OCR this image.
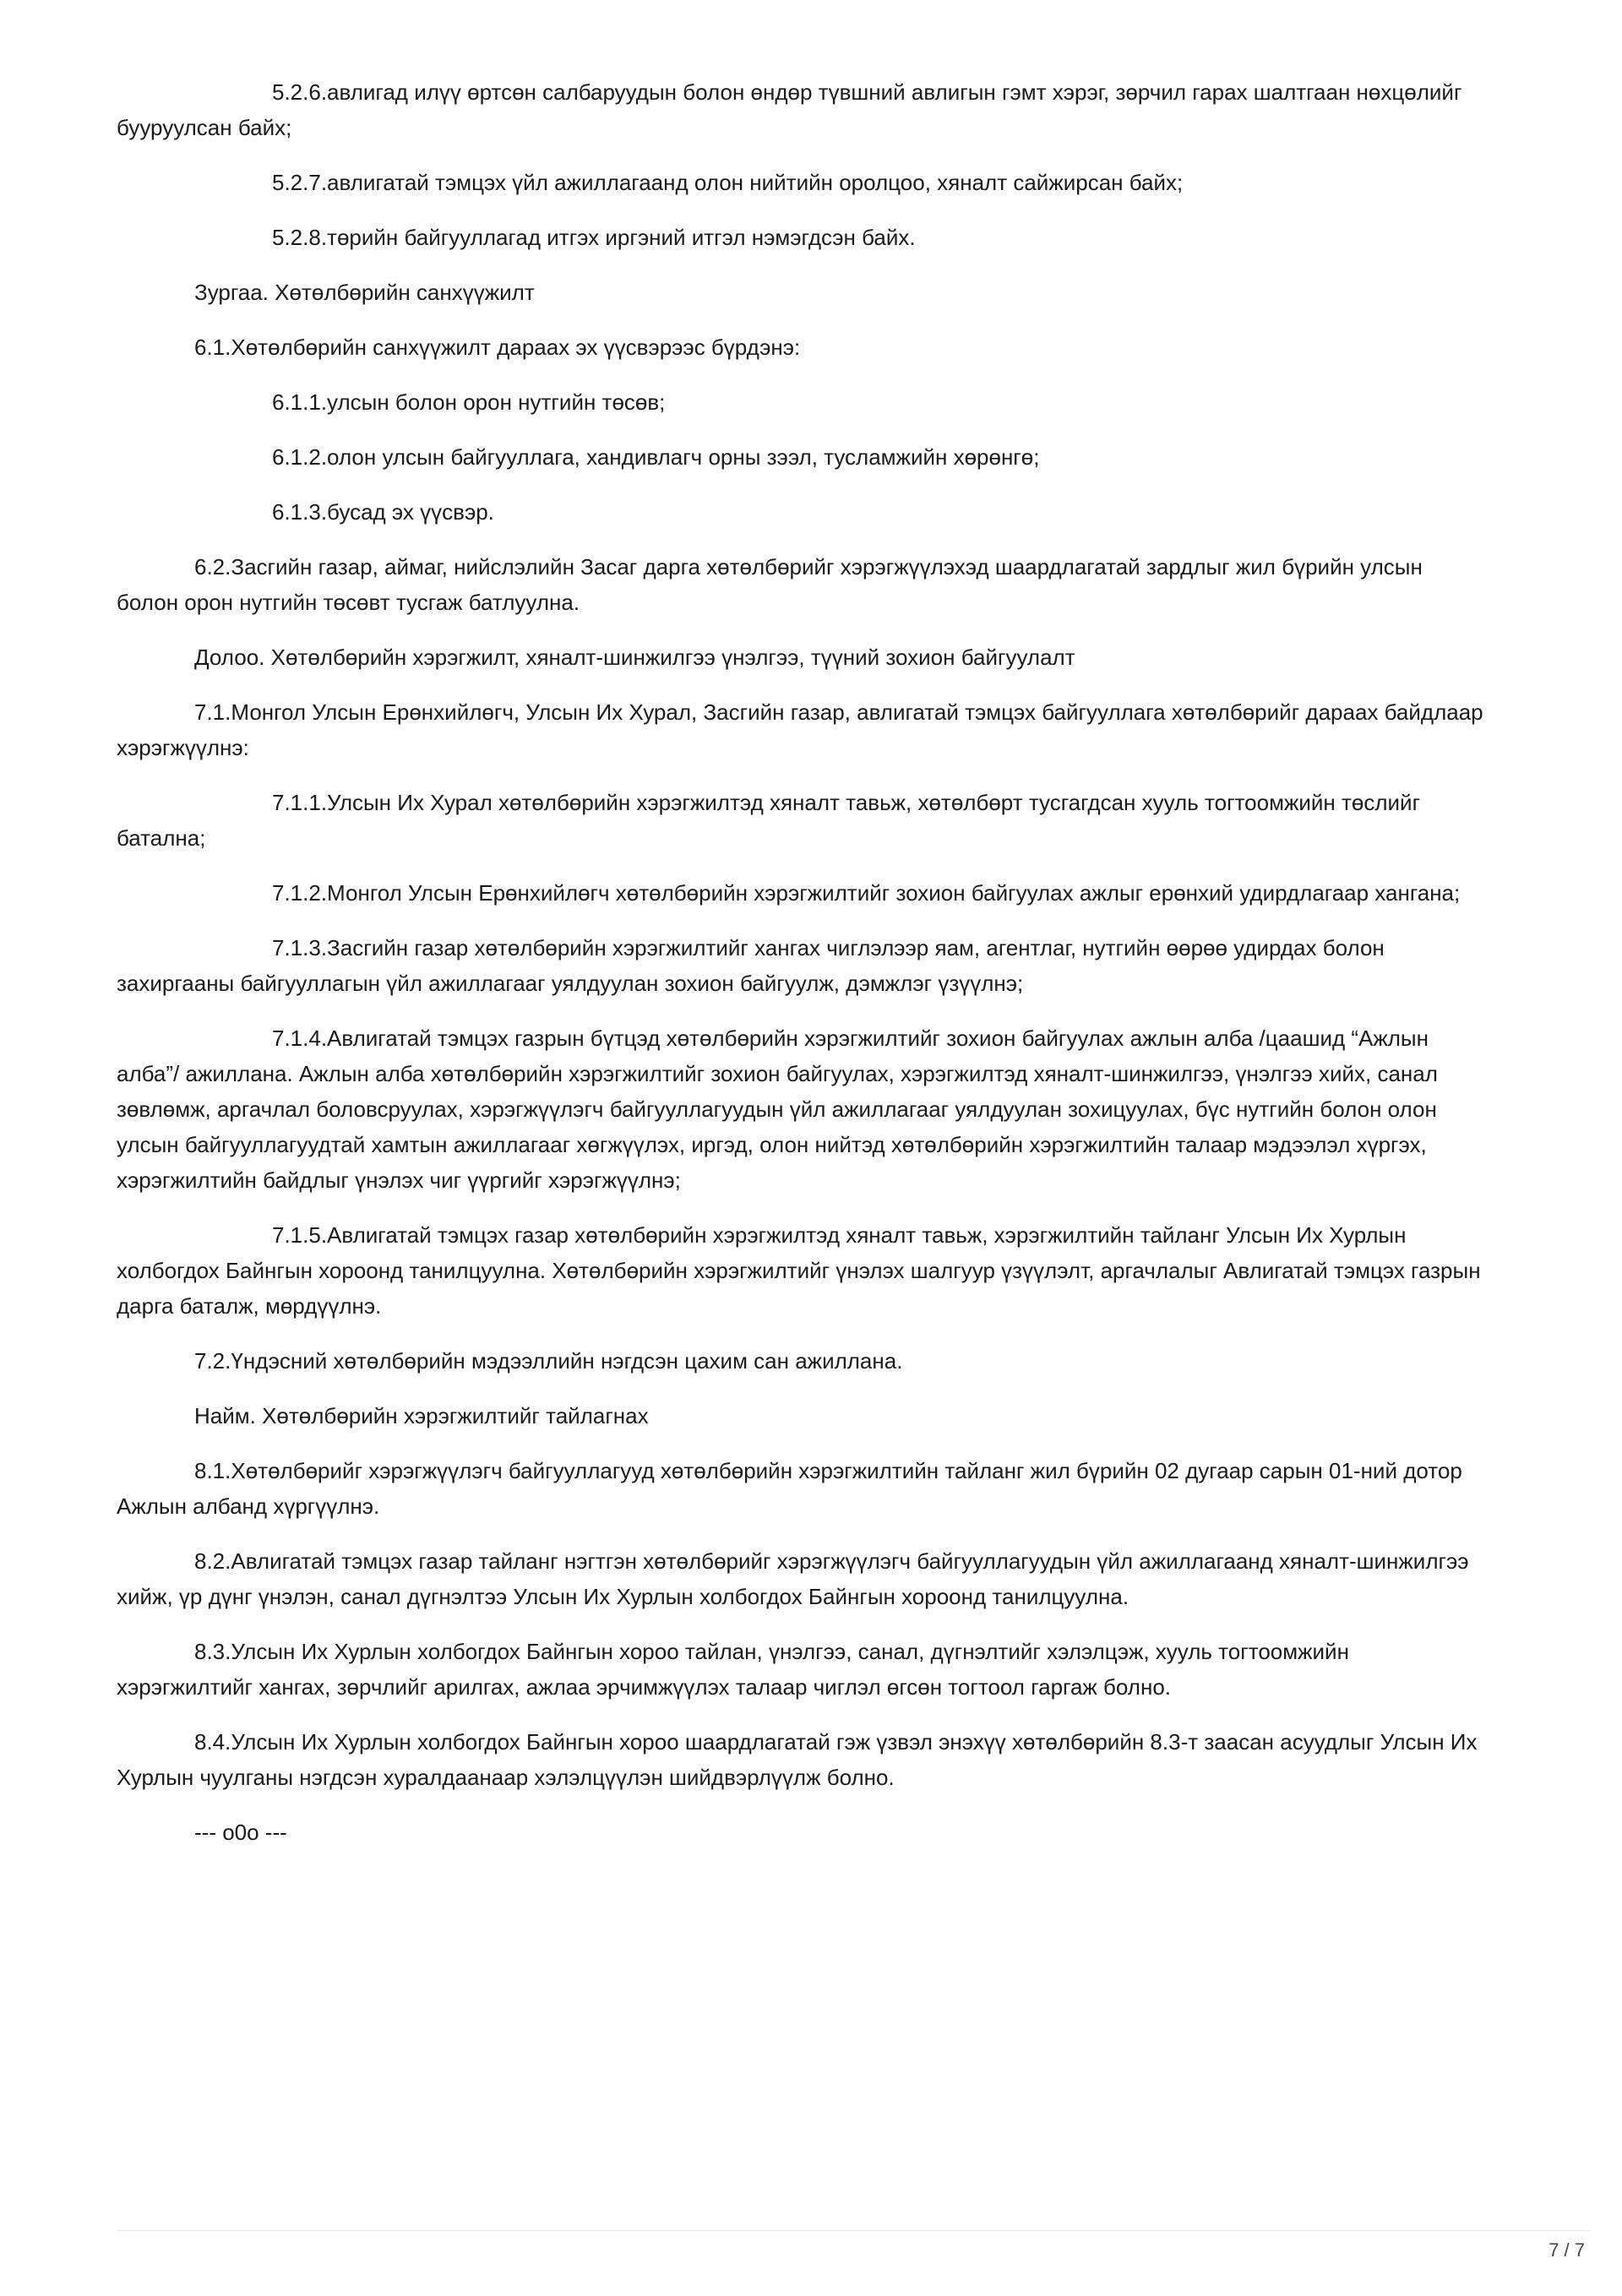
5.2.6.авлигад илүү өртсөн салбаруудын болон өндөр түвшний авлигын гэмт хэрэг, зөрчил гарах шалтгаан нөхцөлийг бууруулсан байх;

5.2.7.авлигатай тэмцэх үйл ажиллагаанд олон нийтийн оролцоо, хяналт сайжирсан байх;

5.2.8.төрийн байгууллагад итгэх иргэний итгэл нэмэгдсэн байх.

Зургаа. Хөтөлбөрийн санхүүжилт

6.1.Хөтөлбөрийн санхүүжилт дараах эх үүсвэрээс бүрдэнэ:

6.1.1.улсын болон орон нутгийн төсөв;

6.1.2.олон улсын байгууллага, хандивлагч орны зээл, тусламжийн хөрөнгө;

6.1.3.бусад эх үүсвэр.

6.2.Засгийн газар, аймаг, нийслэлийн Засаг дарга хөтөлбөрийг хэрэгжүүлэхэд шаардлагатай зардлыг жил бүрийн улсын болон орон нутгийн төсөвт тусгаж батлуулна.

Долоо. Хөтөлбөрийн хэрэгжилт, хяналт-шинжилгээ үнэлгээ, түүний зохион байгуулалт

7.1.Монгол Улсын Ерөнхийлөгч, Улсын Их Хурал, Засгийн газар, авлигатай тэмцэх байгууллага хөтөлбөрийг дараах байдлаар хэрэгжүүлнэ:

7.1.1.Улсын Их Хурал хөтөлбөрийн хэрэгжилтэд хяналт тавьж, хөтөлбөрт тусгагдсан хууль тогтоомжийн төслийг батална;

7.1.2.Монгол Улсын Ерөнхийлөгч хөтөлбөрийн хэрэгжилтийг зохион байгуулах ажлыг ерөнхий удирдлагаар хангана;

7.1.3.Засгийн газар хөтөлбөрийн хэрэгжилтийг хангах чиглэлээр яам, агентлаг, нутгийн өөрөө удирдах болон захиргааны байгууллагын үйл ажиллагааг уялдуулан зохион байгуулж, дэмжлэг үзүүлнэ;

7.1.4.Авлигатай тэмцэх газрын бүтцэд хөтөлбөрийн хэрэгжилтийг зохион байгуулах ажлын алба /цаашид “Ажлын алба”/ ажиллана. Ажлын алба хөтөлбөрийн хэрэгжилтийг зохион байгуулах, хэрэгжилтэд хяналт-шинжилгээ, үнэлгээ хийх, санал зөвлөмж, аргачлал боловсруулах, хэрэгжүүлэгч байгууллагуудын үйл ажиллагааг уялдуулан зохицуулах, бүс нутгийн болон олон улсын байгууллагуудтай хамтын ажиллагааг хөгжүүлэх, иргэд, олон нийтэд хөтөлбөрийн хэрэгжилтийн талаар мэдээлэл хүргэх, хэрэгжилтийн байдлыг үнэлэх чиг үүргийг хэрэгжүүлнэ;

7.1.5.Авлигатай тэмцэх газар хөтөлбөрийн хэрэгжилтэд хяналт тавьж, хэрэгжилтийн тайланг Улсын Их Хурлын холбогдох Байнгын хороонд танилцуулна. Хөтөлбөрийн хэрэгжилтийг үнэлэх шалгуур үзүүлэлт, аргачлалыг Авлигатай тэмцэх газрын дарга баталж, мөрдүүлнэ.

7.2.Үндэсний хөтөлбөрийн мэдээллийн нэгдсэн цахим сан ажиллана.

Найм. Хөтөлбөрийн хэрэгжилтийг тайлагнах

8.1.Хөтөлбөрийг хэрэгжүүлэгч байгууллагууд хөтөлбөрийн хэрэгжилтийн тайланг жил бүрийн 02 дугаар сарын 01-ний дотор Ажлын албанд хүргүүлнэ.

8.2.Авлигатай тэмцэх газар тайланг нэгтгэн хөтөлбөрийг хэрэгжүүлэгч байгууллагуудын үйл ажиллагаанд хяналт-шинжилгээ хийж, үр дүнг үнэлэн, санал дүгнэлтээ Улсын Их Хурлын холбогдох Байнгын хороонд танилцуулна.

8.3.Улсын Их Хурлын холбогдох Байнгын хороо тайлан, үнэлгээ, санал, дүгнэлтийг хэлэлцэж, хууль тогтоомжийн хэрэгжилтийг хангах, зөрчлийг арилгах, ажлаа эрчимжүүлэх талаар чиглэл өгсөн тогтоол гаргаж болно.

8.4.Улсын Их Хурлын холбогдох Байнгын хороо шаардлагатай гэж үзвэл энэхүү хөтөлбөрийн 8.3-т заасан асуудлыг Улсын Их Хурлын чуулганы нэгдсэн хуралдаанаар хэлэлцүүлэн шийдвэрлүүлж болно.

--- o0o ---

7 / 7
